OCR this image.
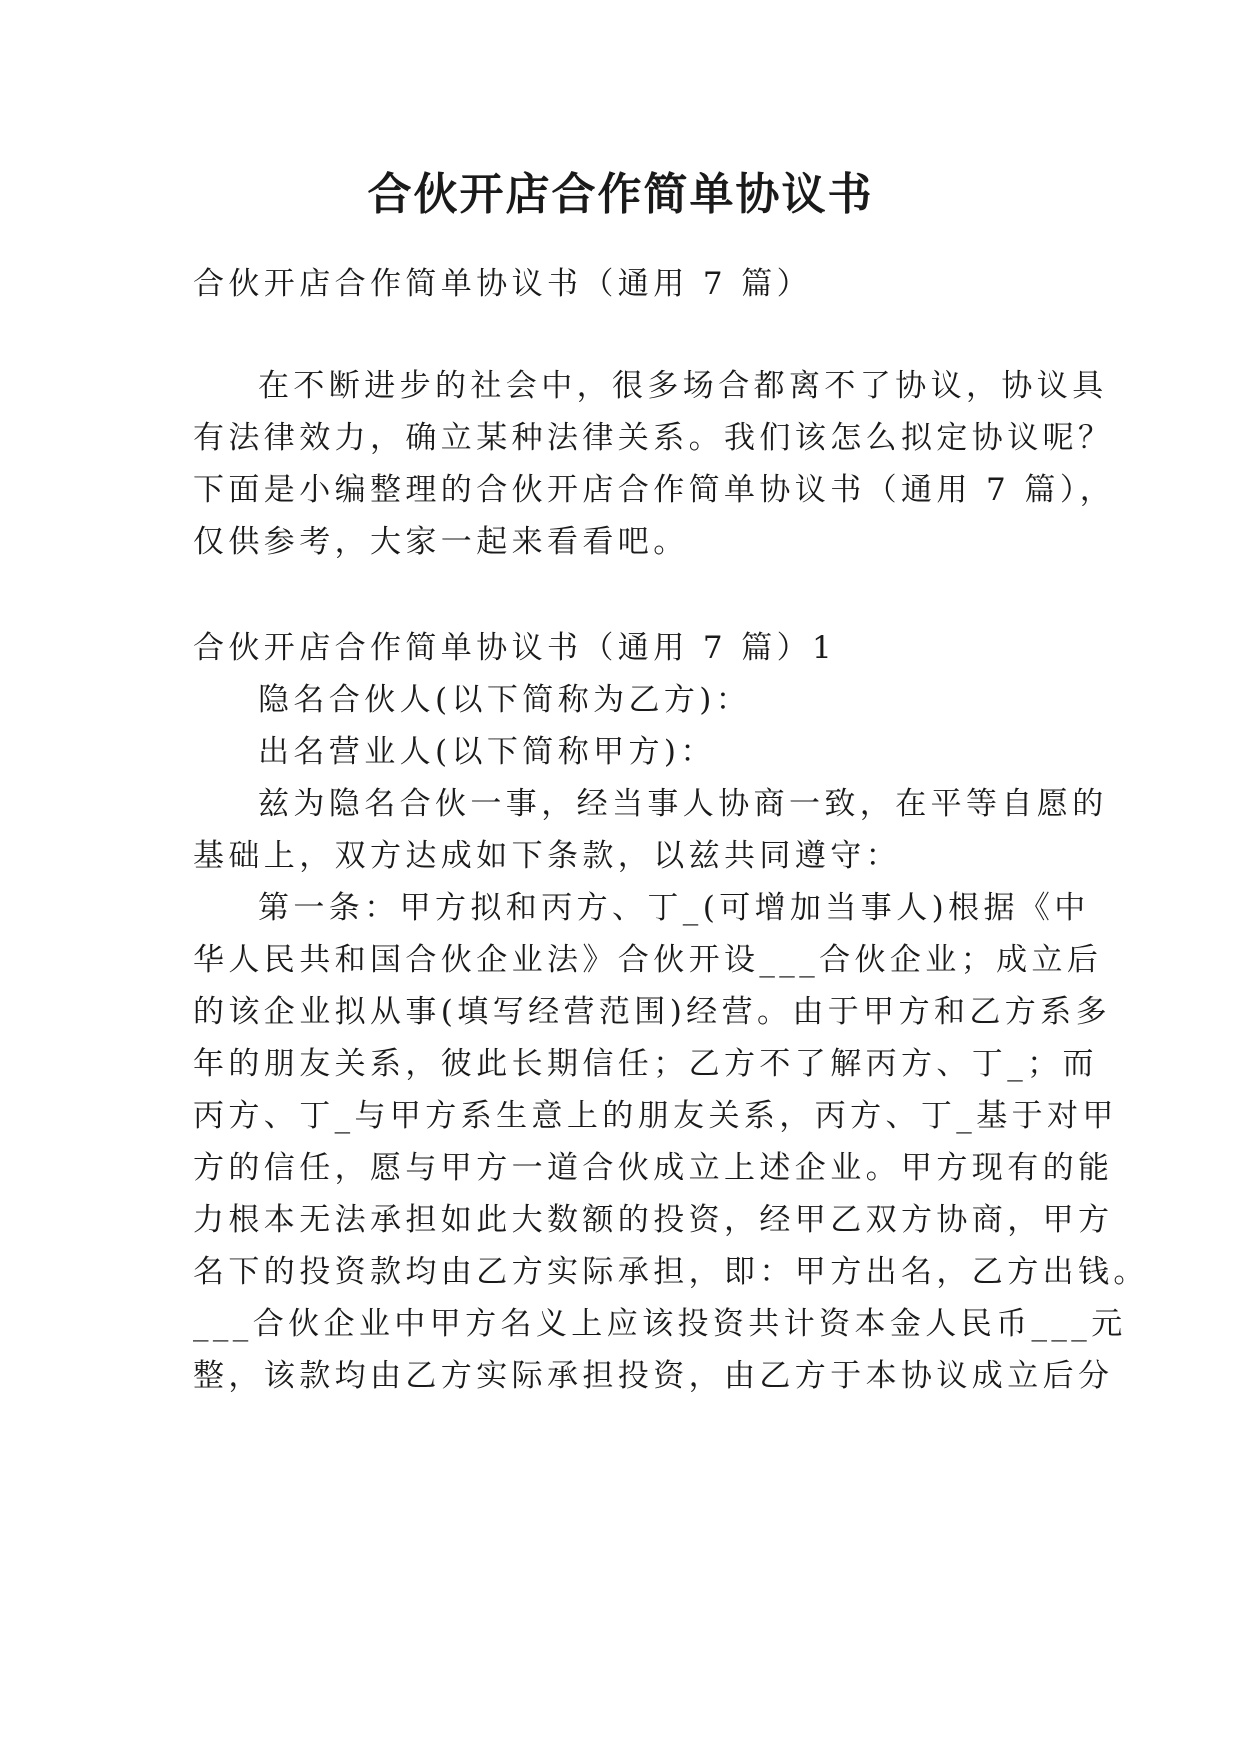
合伙开店合作简单协议书
合伙开店合作简单协议书（通用 7 篇）
在不断进步的社会中，很多场合都离不了协议，协议具
有法律效力，确立某种法律关系。我们该怎么拟定协议呢？
下面是小编整理的合伙开店合作简单协议书（通用 7 篇），
仅供参考，大家一起来看看吧。
合伙开店合作简单协议书（通用 7 篇）1
隐名合伙人(以下简称为乙方)：
出名营业人(以下简称甲方)：
兹为隐名合伙一事，经当事人协商一致，在平等自愿的
基础上，双方达成如下条款，以兹共同遵守：
第一条：甲方拟和丙方、丁_(可增加当事人)根据《中
华人民共和国合伙企业法》合伙开设___合伙企业；成立后
的该企业拟从事(填写经营范围)经营。由于甲方和乙方系多
年的朋友关系，彼此长期信任；乙方不了解丙方、丁_；而
丙方、丁_与甲方系生意上的朋友关系，丙方、丁_基于对甲
方的信任，愿与甲方一道合伙成立上述企业。甲方现有的能
力根本无法承担如此大数额的投资，经甲乙双方协商，甲方
名下的投资款均由乙方实际承担，即：甲方出名，乙方出钱。
___合伙企业中甲方名义上应该投资共计资本金人民币___元
整，该款均由乙方实际承担投资，由乙方于本协议成立后分
